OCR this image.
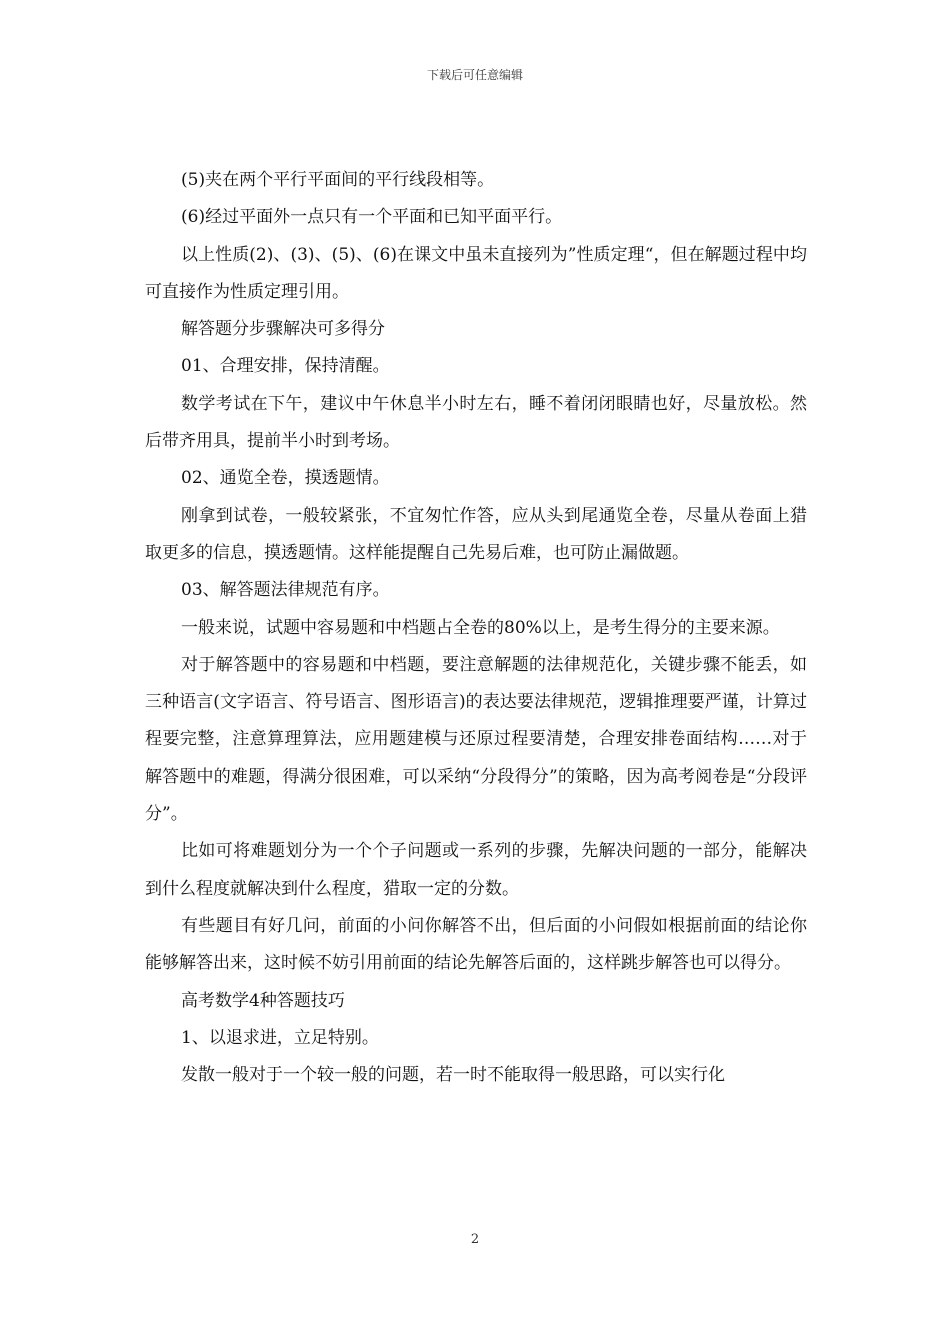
下载后可任意编辑

(5)夹在两个平行平面间的平行线段相等。

(6)经过平面外一点只有一个平面和已知平面平行。

以上性质(2)、(3)、(5)、(6)在课文中虽未直接列为”性质定理“，但在解题过程中均可直接作为性质定理引用。

解答题分步骤解决可多得分

01、合理安排，保持清醒。

数学考试在下午，建议中午休息半小时左右，睡不着闭闭眼睛也好，尽量放松。然后带齐用具，提前半小时到考场。

02、通览全卷，摸透题情。

刚拿到试卷，一般较紧张，不宜匆忙作答，应从头到尾通览全卷，尽量从卷面上猎取更多的信息，摸透题情。这样能提醒自己先易后难，也可防止漏做题。

03、解答题法律规范有序。

一般来说，试题中容易题和中档题占全卷的80%以上，是考生得分的主要来源。

对于解答题中的容易题和中档题，要注意解题的法律规范化，关键步骤不能丢，如三种语言(文字语言、符号语言、图形语言)的表达要法律规范，逻辑推理要严谨，计算过程要完整，注意算理算法，应用题建模与还原过程要清楚，合理安排卷面结构……对于解答题中的难题，得满分很困难，可以采纳“分段得分”的策略，因为高考阅卷是“分段评分”。

比如可将难题划分为一个个子问题或一系列的步骤，先解决问题的一部分，能解决到什么程度就解决到什么程度，猎取一定的分数。

有些题目有好几问，前面的小问你解答不出，但后面的小问假如根据前面的结论你能够解答出来，这时候不妨引用前面的结论先解答后面的，这样跳步解答也可以得分。

高考数学4种答题技巧

1、以退求进，立足特别。

发散一般对于一个较一般的问题，若一时不能取得一般思路，可以实行化

2
